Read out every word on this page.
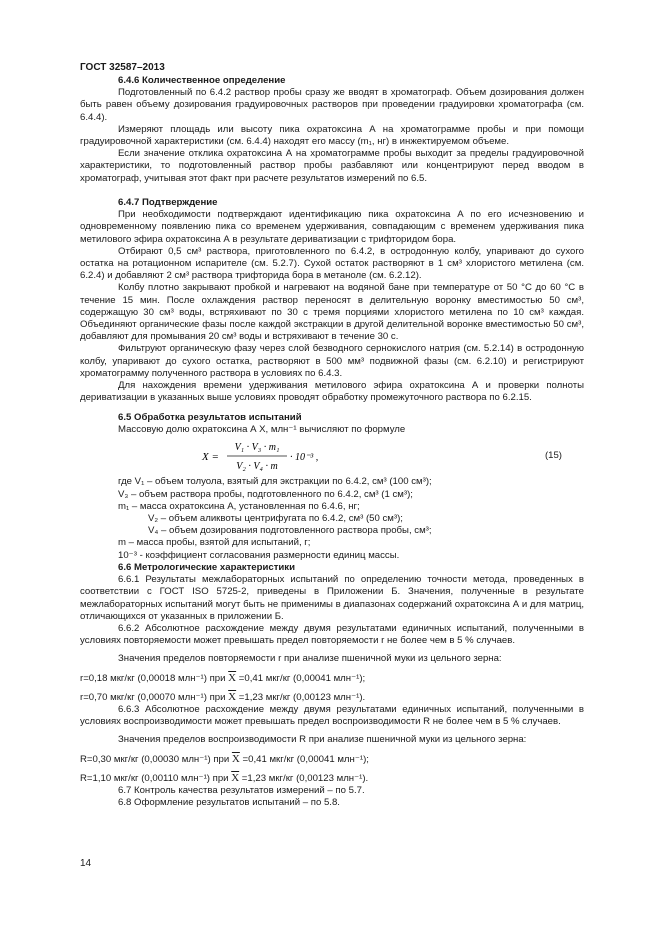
ГОСТ 32587–2013

6.4.6 Количественное определение

Подготовленный по 6.4.2 раствор пробы сразу же вводят в хроматограф. Объем дозирования должен быть равен объему дозирования градуировочных растворов при проведении градуировки хроматографа (см. 6.4.4).

Измеряют площадь или высоту пика охратоксина А на хроматограмме пробы и при помощи градуировочной характеристики (см. 6.4.4) находят его массу (m₁, нг) в инжектируемом объеме.

Если значение отклика охратоксина А на хроматограмме пробы выходит за пределы градуировочной характеристики, то подготовленный раствор пробы разбавляют или концентрируют перед вводом в хроматограф, учитывая этот факт при расчете результатов измерений по 6.5.

6.4.7 Подтверждение

При необходимости подтверждают идентификацию пика охратоксина А по его исчезновению и одновременному появлению пика со временем удерживания, совпадающим с временем удерживания пика метилового эфира охратоксина А в результате дериватизации с трифторидом бора.

Отбирают 0,5 см³ раствора, приготовленного по 6.4.2, в остродонную колбу, упаривают до сухого остатка на ротационном испарителе (см. 5.2.7). Сухой остаток растворяют в 1 см³ хлористого метилена (см. 6.2.4) и добавляют 2 см³ раствора трифторида бора в метаноле (см. 6.2.12).

Колбу плотно закрывают пробкой и нагревают на водяной бане при температуре от 50 °С до 60 °С в течение 15 мин. После охлаждения раствор переносят в делительную воронку вместимостью 50 см³, содержащую 30 см³ воды, встряхивают по 30 с тремя порциями хлористого метилена по 10 см³ каждая. Объединяют органические фазы после каждой экстракции в другой делительной воронке вместимостью 50 см³, добавляют для промывания 20 см³ воды и встряхивают в течение 30 с.

Фильтруют органическую фазу через слой безводного сернокислого натрия (см. 5.2.14) в остродонную колбу, упаривают до сухого остатка, растворяют в 500 мм³ подвижной фазы (см. 6.2.10) и регистрируют хроматограмму полученного раствора в условиях по 6.4.3.

Для нахождения времени удерживания метилового эфира охратоксина А и проверки полноты дериватизации в указанных выше условиях проводят обработку промежуточного раствора по 6.2.15.

6.5 Обработка результатов испытаний

Массовую долю охратоксина А X, млн⁻¹ вычисляют по формуле

X =
V₁ · V₃ · m₁
V₂ · V₄ · m
· 10⁻³ ,	(15)

где V₁ – объем толуола, взятый для экстракции по 6.4.2, см³ (100 см³);

V₃ – объем раствора пробы, подготовленного по 6.4.2, см³ (1 см³);

m₁ – масса охратоксина А, установленная по 6.4.6, нг;

V₂ – объем аликвоты центрифугата по 6.4.2, см³ (50 см³);

V₄ – объем дозирования подготовленного раствора пробы, см³;

m – масса пробы, взятой для испытаний, г;

10⁻³ - коэффициент согласования размерности единиц массы.

6.6 Метрологические характеристики

6.6.1 Результаты межлабораторных испытаний по определению точности метода, проведенных в соответствии с ГОСТ ISO 5725-2, приведены в Приложении Б. Значения, полученные в результате межлабораторных испытаний могут быть не применимы в диапазонах содержаний охратоксина А и для матриц, отличающихся от указанных в приложении Б.

6.6.2 Абсолютное расхождение между двумя результатами единичных испытаний, полученными в условиях повторяемости может превышать предел повторяемости r не более чем в 5 % случаев.

Значения пределов повторяемости r при анализе пшеничной муки из цельного зерна:

r=0,18 мкг/кг (0,00018 млн⁻¹) при $\overline{X} =0,41$ мкг/кг (0,00041 млн⁻¹);

r=0,70 мкг/кг (0,00070 млн⁻¹) при $\overline{X} =1,23$ мкг/кг (0,00123 млн⁻¹).

6.6.3 Абсолютное расхождение между двумя результатами единичных испытаний, полученными в условиях воспроизводимости может превышать предел воспроизводимости R не более чем в 5 % случаев.

Значения пределов воспроизводимости R при анализе пшеничной муки из цельного зерна:

R=0,30 мкг/кг (0,00030 млн⁻¹) при $\overline{X} =0,41$ мкг/кг (0,00041 млн⁻¹);

R=1,10 мкг/кг (0,00110 млн⁻¹) при $\overline{X} =1,23$ мкг/кг (0,00123 млн⁻¹).

6.7 Контроль качества результатов измерений – по 5.7.

6.8 Оформление результатов испытаний – по 5.8.

14
